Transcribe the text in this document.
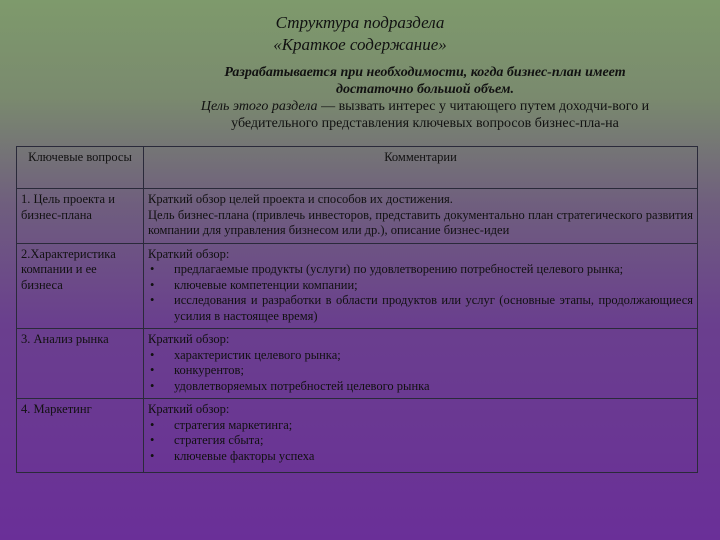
Структура подраздела
«Краткое содержание»
Разрабатывается при необходимости, когда бизнес-план имеет
достаточно большой объем.
Цель этого раздела — вызвать интерес у читающего путем доходчи-вого и
убедительного представления ключевых вопросов бизнес-пла-на
Ключевые вопросы	Комментарии
1. Цель проекта и бизнес-плана	Краткий обзор целей проекта и способов их достижения.
Цель бизнес-плана (привлечь инвесторов, представить документально план стратегического развития компании для управления бизнесом или др.), описание бизнес-идеи

2.Характеристика компании и ее бизнеса	Краткий обзор:
• предлагаемые продукты (услуги) по удовлетворению потребностей целевого рынка;
• ключевые компетенции компании;
• исследования и разработки в области продуктов или услуг (основные этапы, продолжающиеся усилия в настоящее время)

3. Анализ рынка	Краткий обзор:
• характеристик целевого рынка;
• конкурентов;
• удовлетворяемых потребностей целевого рынка

4. Маркетинг	Краткий обзор:
• стратегия маркетинга;
• стратегия сбыта;
• ключевые факторы успеха
